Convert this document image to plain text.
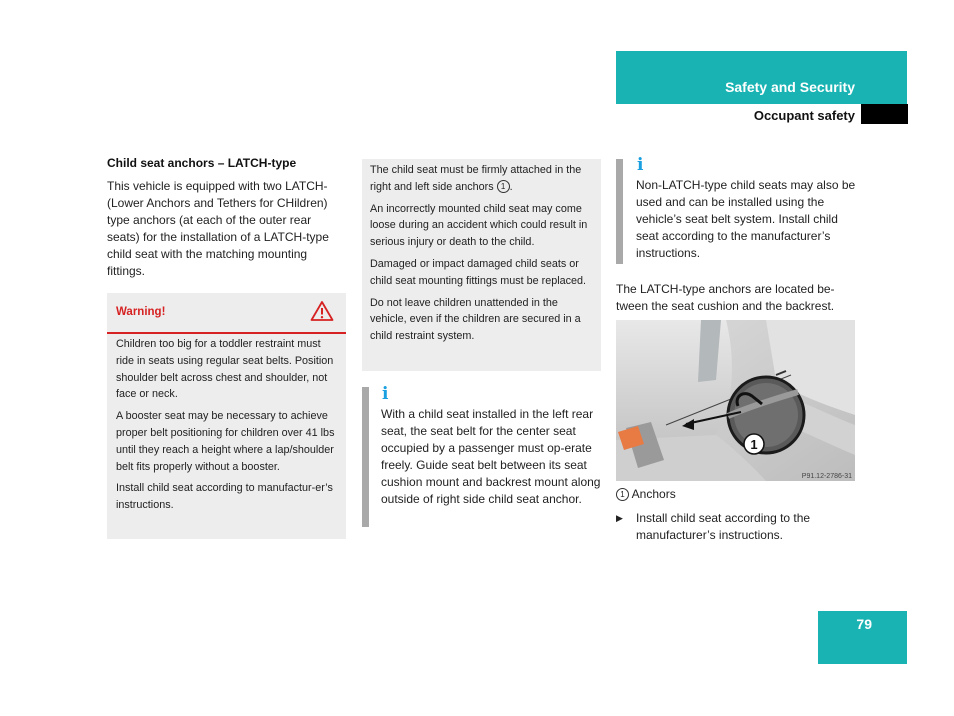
Safety and Security
Occupant safety
Child seat anchors – LATCH-type
This vehicle is equipped with two LATCH-
(Lower Anchors and Tethers for CHildren)
type anchors (at each of the outer rear
seats) for the installation of a LATCH-type
child seat with the matching mounting
fittings.
Warning!

Children too big for a toddler restraint must ride in seats using regular seat belts. Position shoulder belt across chest and shoulder, not face or neck.

A booster seat may be necessary to achieve proper belt positioning for children over 41 lbs until they reach a height where a lap/shoulder belt fits properly without a booster.

Install child seat according to manufactur-er’s instructions.

The child seat must be firmly attached in the right and left side anchors 1 .

An incorrectly mounted child seat may come loose during an accident which could result in serious injury or death to the child.

Damaged or impact damaged child seats or child seat mounting fittings must be replaced.

Do not leave children unattended in the vehicle, even if the children are secured in a child restraint system.

i
With a child seat installed in the left rear seat, the seat belt for the center seat occupied by a passenger must op-erate freely. Guide seat belt between its seat cushion mount and backrest mount along outside of right side child seat anchor.
i
Non-LATCH-type child seats may also be used and can be installed using the vehicle’s seat belt system. Install child seat according to the manufacturer’s instructions.
The LATCH-type anchors are located be-tween the seat cushion and the backrest.
1
P91.12-2786-31
1 Anchors
▶ Install child seat according to the manufacturer’s instructions.
79
